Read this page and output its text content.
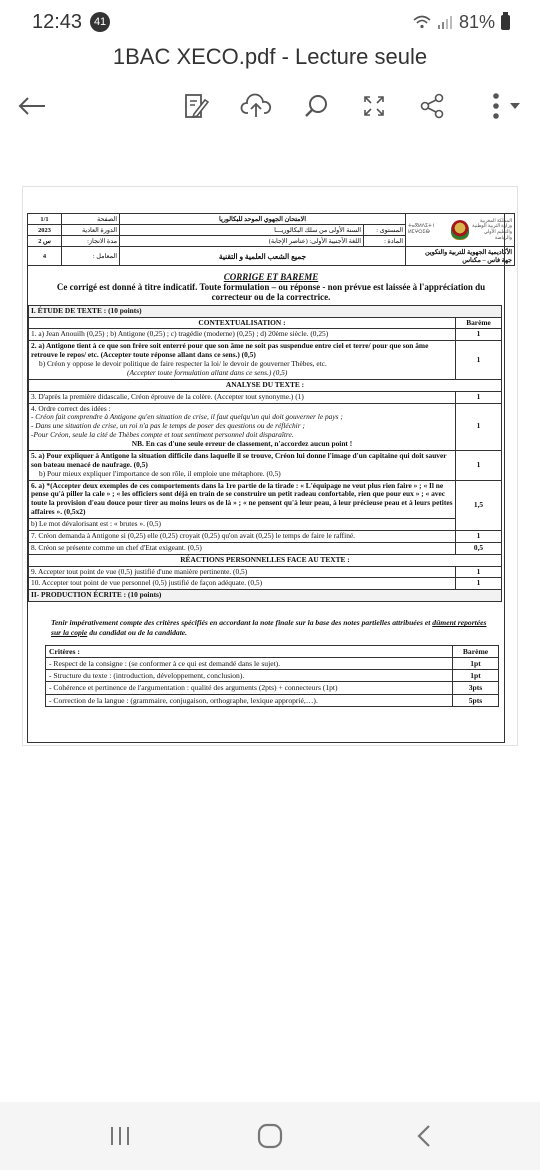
12:43	41	81%
1BAC XECO.pdf - Lecture seule
1/1	الصفحة	الامتحان الجهوي الموحد للبكالوريا		ⵜⴰⴳⵍⴷⵉⵜ ⵏ ⵍⵎⵖⵔⵉⴱ
المملكة المغربية وزارة التربية الوطنية والتعليم الأولي والرياضة

2023	الدورة العادية	السنة الأولى من سلك البكالوريـــا	المستوى :	
2 س	مدة الانجاز:	اللغة الأجنبية الأولى: (عناصر الإجابة)	المادة :	
4	المعامل :	جميع الشعب العلمية و التقنية		الأكاديمية الجهوية للتربية والتكوين
جهة فاس – مكناس
CORRIGE ET BAREME
Ce corrigé est donné à titre indicatif. Toute formulation – ou réponse - non prévue est laissée à l'appréciation du correcteur ou de la correctrice.
I. ÉTUDE DE TEXTE : (10 points)	
CONTEXTUALISATION :	Barème
1. a) Jean Anouilh (0,25) ; b) Antigone (0,25) ; c) tragédie (moderne) (0,25) ; d) 20ème siècle. (0,25)	1

2. a) Antigone tient à ce que son frère soit enterré pour que son âme ne soit pas suspendue entre ciel et terre/ pour que son âme retrouve le repos/ etc. (Accepter toute réponse allant dans ce sens.) (0,5)
b) Créon y oppose le devoir politique de faire respecter la loi/ le devoir de gouverner Thèbes, etc.
(Accepter toute formulation allant dans ce sens.) (0,5)	1
ANALYSE DU TEXTE :	
3. D'après la première didascalie, Créon éprouve de la colère. (Accepter tout synonyme.) (1)	1

4. Ordre correct des idées :
- Créon fait comprendre à Antigone qu'en situation de crise, il faut quelqu'un qui doit gouverner le pays ;
- Dans une situation de crise, un roi n'a pas le temps de poser des questions ou de réfléchir ;
-Pour Créon, seule la cité de Thèbes compte et tout sentiment personnel doit disparaître.
NB. En cas d'une seule erreur de classement, n'accordez aucun point !	1

5. a) Pour expliquer à Antigone la situation difficile dans laquelle il se trouve, Créon lui donne l'image d'un capitaine qui doit sauver son bateau menacé de naufrage. (0,5)
b) Pour mieux expliquer l'importance de son rôle, il emploie une métaphore. (0,5)	1

6. a) *(Accepter deux exemples de ces comportements dans la 1re partie de la tirade : « L'équipage ne veut plus rien faire » ; « Il ne pense qu'à piller la cale » ; « les officiers sont déjà en train de se construire un petit radeau confortable, rien que pour eux » ; « avec toute la provision d'eau douce pour tirer au moins leurs os de là » ; « ne pensent qu'à leur peau, à leur précieuse peau et à leurs petites affaires ». (0,5x2)
b) Le mot dévalorisant est : « brutes ». (0,5)	1,5
7. Créon demanda à Antigone si (0,25) elle (0,25) croyait (0,25) qu'on avait (0,25) le temps de faire le raffiné.	1
8. Créon se présente comme un chef d'Etat exigeant. (0,5)	0,5
RÉACTIONS PERSONNELLES FACE AU TEXTE :	
9. Accepter tout point de vue (0,5) justifié d'une manière pertinente. (0,5)	1
10. Accepter tout point de vue personnel (0,5) justifié de façon adéquate. (0,5)	1
II- PRODUCTION ÉCRITE : (10 points)	
Tenir impérativement compte des critères spécifiés en accordant la note finale sur la base des notes partielles attribuées et dûment reportées sur la copie du candidat ou de la candidate.
Critères :	Barème
- Respect de la consigne : (se conformer à ce qui est demandé dans le sujet).	1pt
- Structure du texte : (introduction, développement, conclusion).	1pt
- Cohérence et pertinence de l'argumentation : qualité des arguments (2pts) + connecteurs (1pt)	3pts
- Correction de la langue : (grammaire, conjugaison, orthographe, lexique approprié,…).	5pts
